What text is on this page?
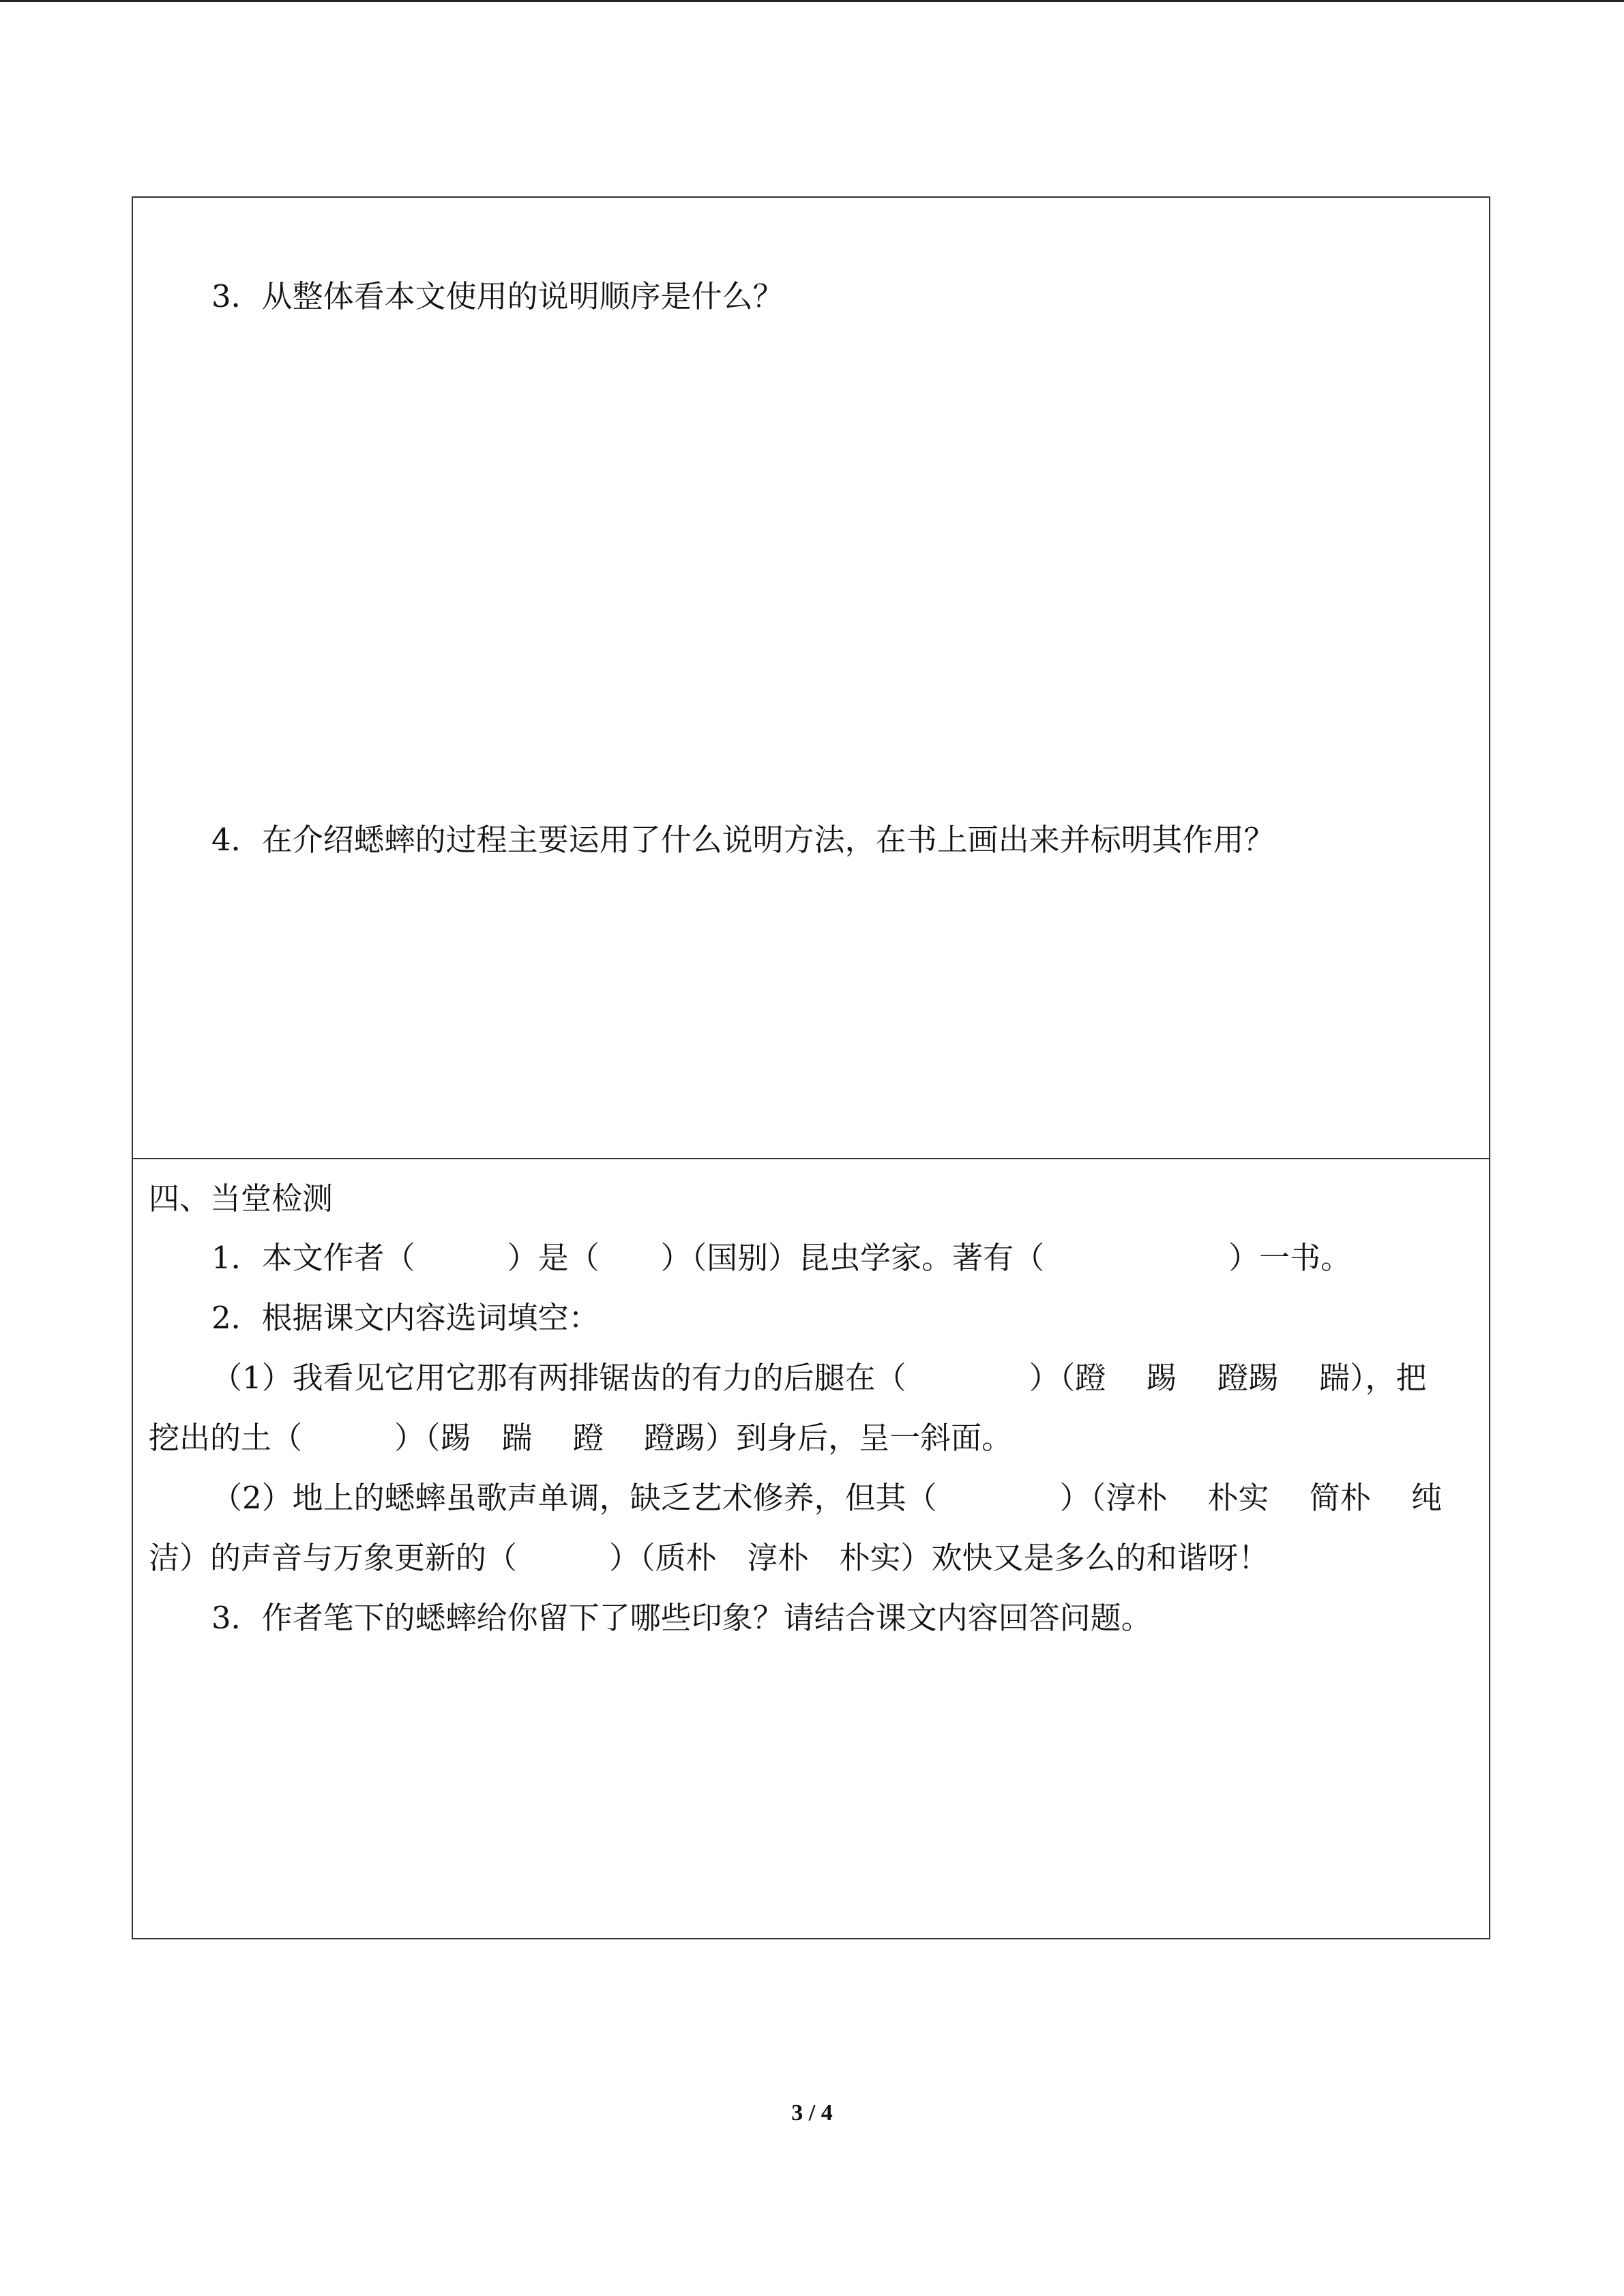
3．从整体看本文使用的说明顺序是什么？
4．在介绍蟋蟀的过程主要运用了什么说明方法，在书上画出来并标明其作用？
四、当堂检测
1．本文作者（　　　）是（　　）（国别）昆虫学家。著有（　　　　　　）一书。
2．根据课文内容选词填空：
（1）我看见它用它那有两排锯齿的有力的后腿在（　　　　）（蹬　 踢　 蹬踢　 踹），把
挖出的土（　　　）（踢　踹　 蹬　 蹬踢）到身后，呈一斜面。
（2）地上的蟋蟀虽歌声单调，缺乏艺术修养，但其（　　　　）（淳朴　 朴实　 简朴　 纯
洁）的声音与万象更新的（　　　）（质朴　淳朴　朴实）欢快又是多么的和谐呀！
3．作者笔下的蟋蟀给你留下了哪些印象？请结合课文内容回答问题。
3 / 4
